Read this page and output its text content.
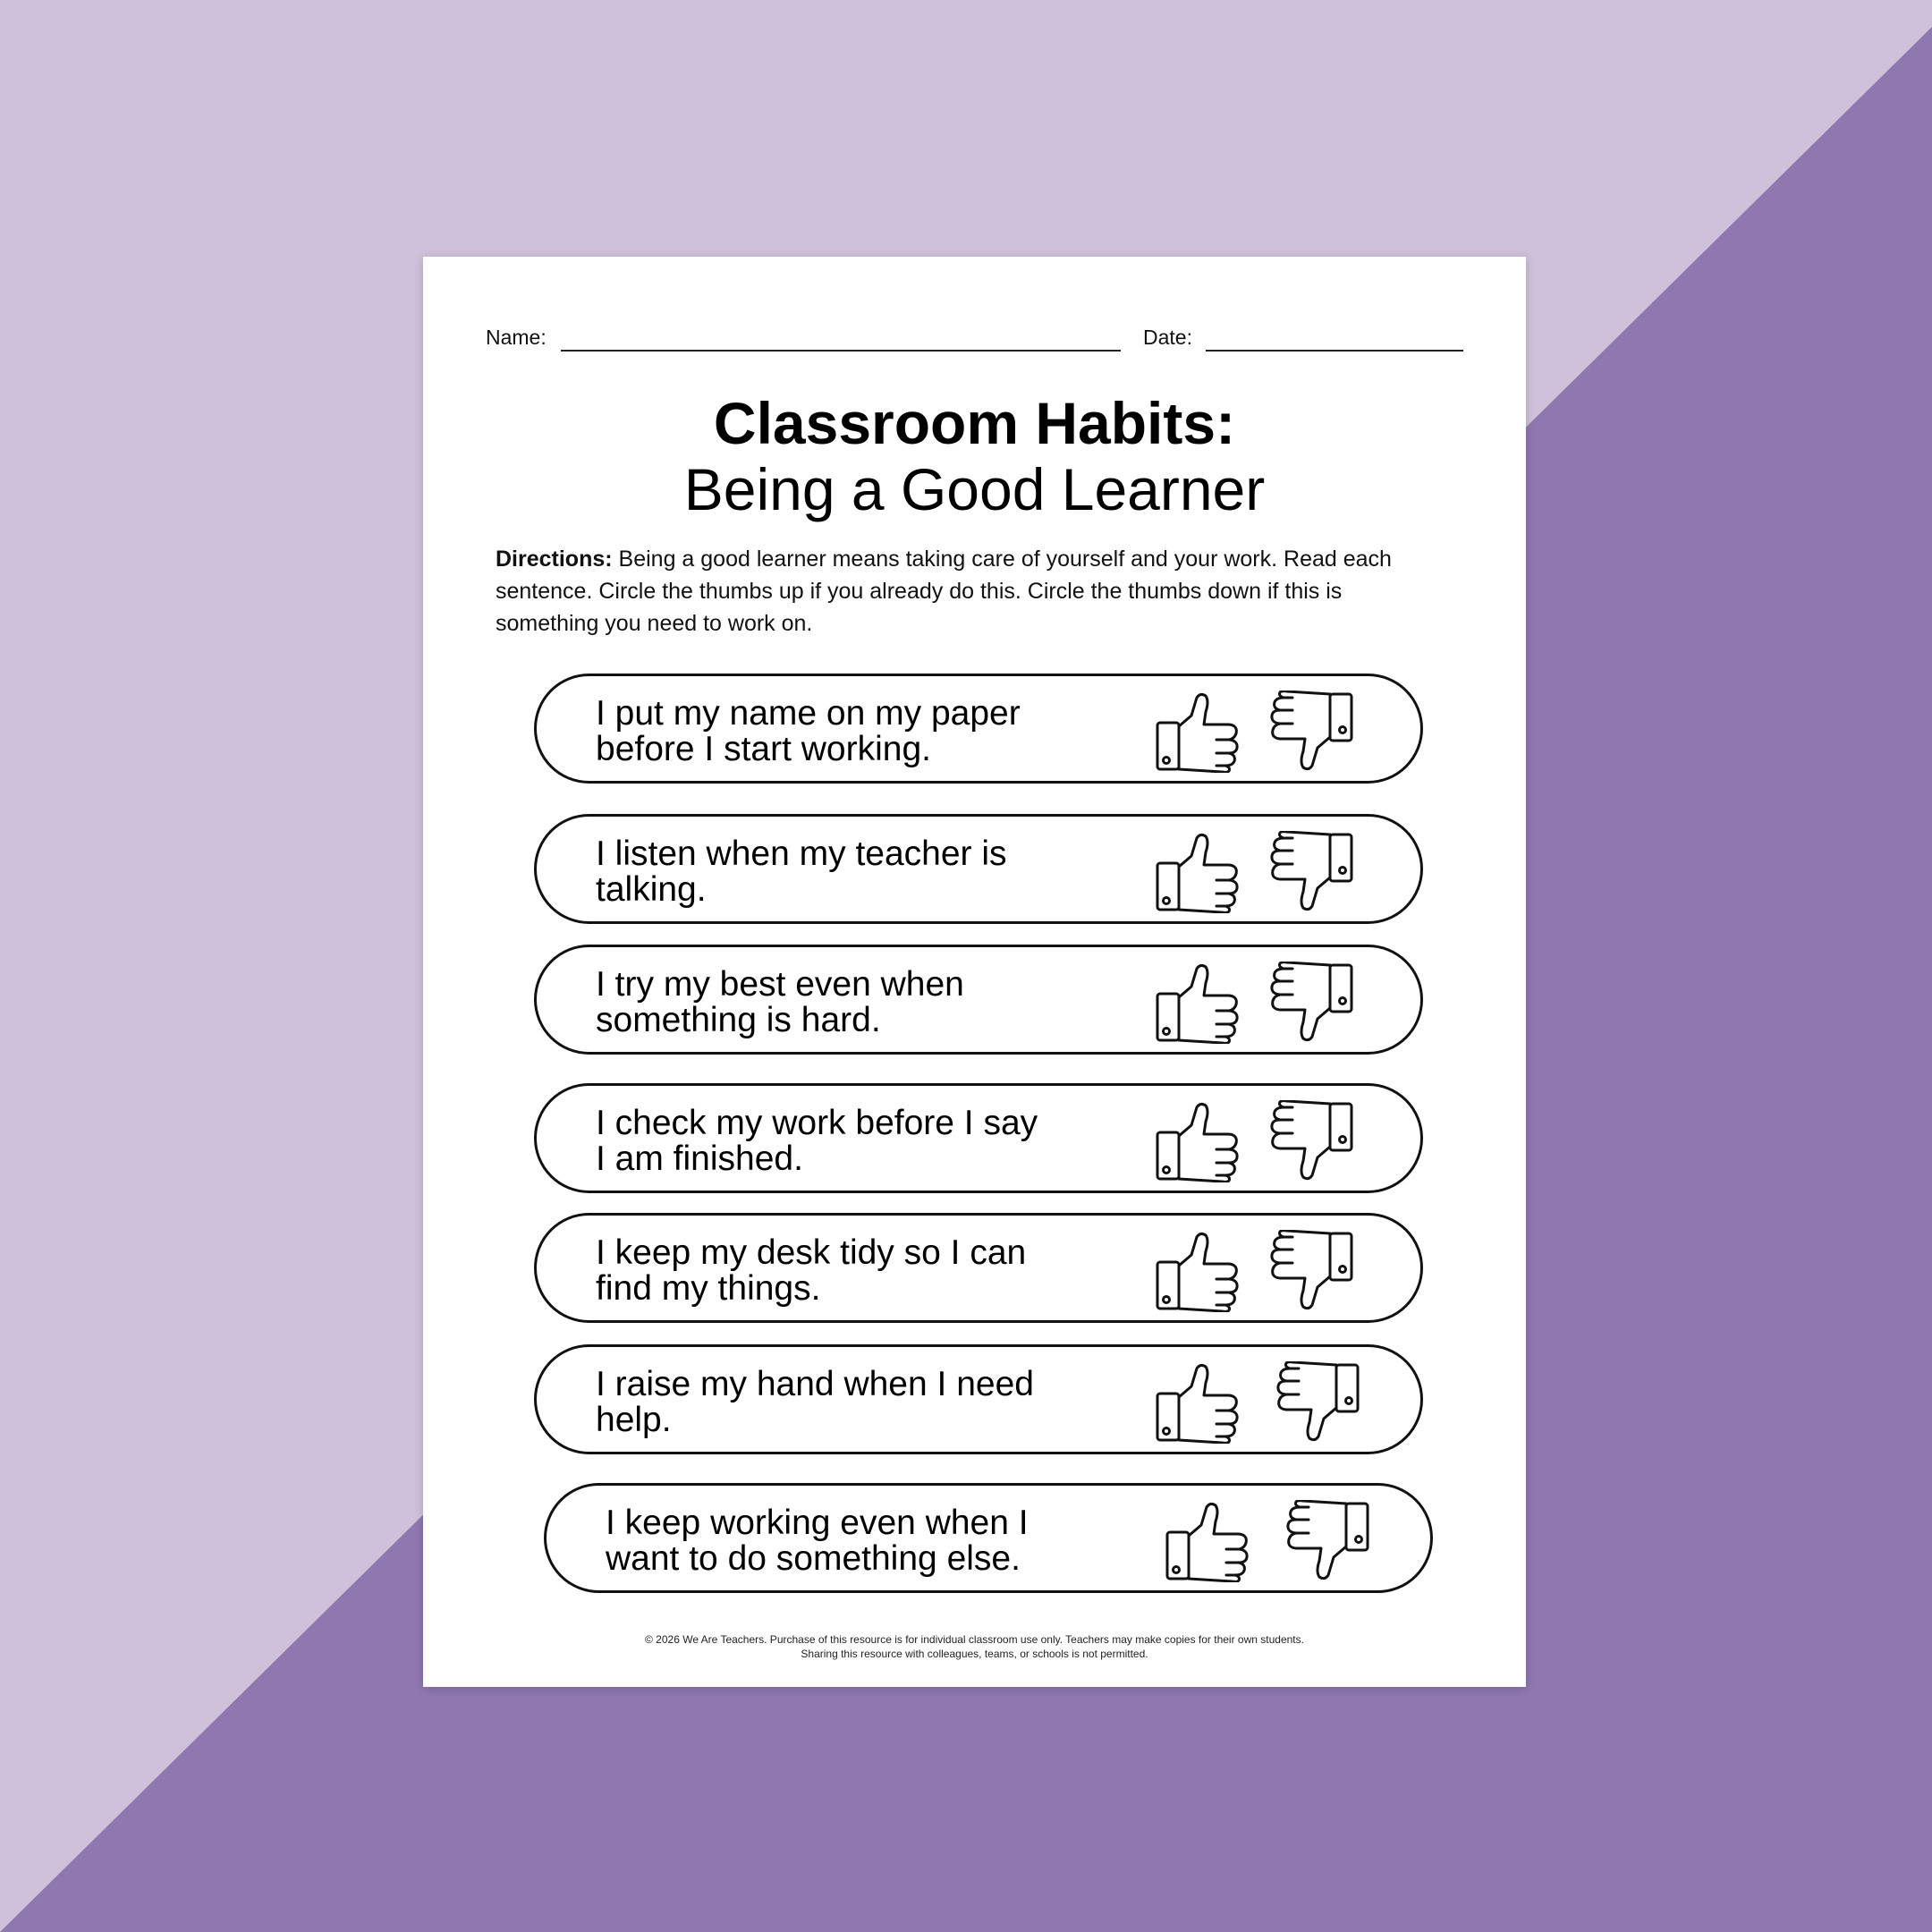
Name:	Date:
Classroom Habits:
Being a Good Learner
Directions: Being a good learner means taking care of yourself and your work. Read each sentence. Circle the thumbs up if you already do this. Circle the thumbs down if this is something you need to work on.
I put my name on my paper
before I start working.
I listen when my teacher is
talking.
I try my best even when
something is hard.
I check my work before I say
I am finished.
I keep my desk tidy so I can
find my things.
I raise my hand when I need
help.
I keep working even when I
want to do something else.
© 2026 We Are Teachers. Purchase of this resource is for individual classroom use only. Teachers may make copies for their own students.
Sharing this resource with colleagues, teams, or schools is not permitted.
